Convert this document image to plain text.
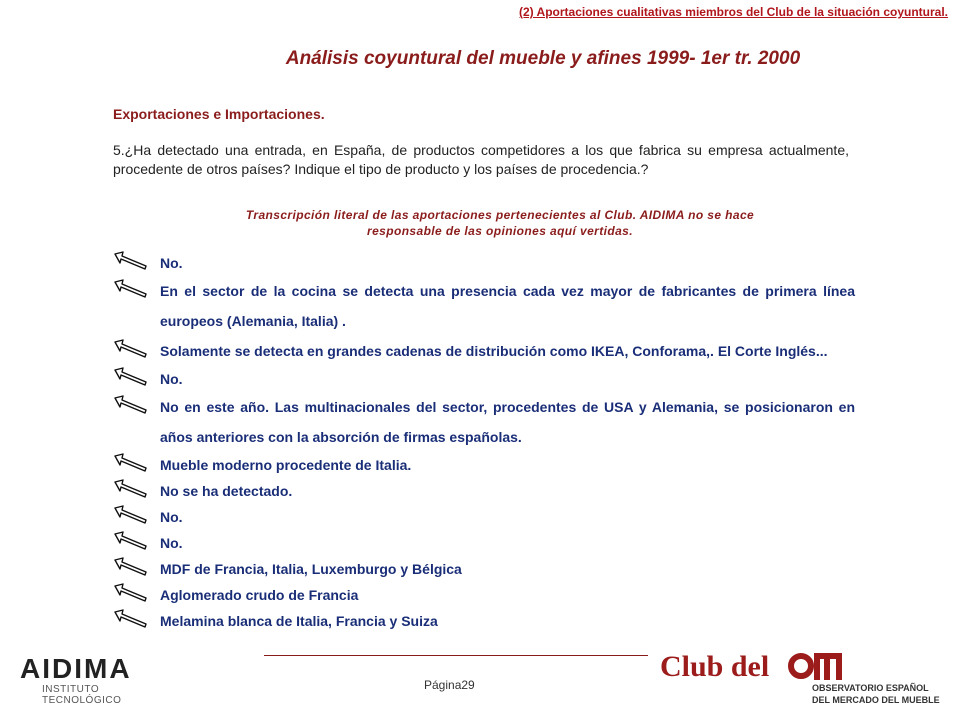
(2) Aportaciones cualitativas miembros del Club de la situación coyuntural.
Análisis coyuntural del mueble y afines 1999- 1er tr. 2000
Exportaciones e Importaciones.
5.¿Ha detectado una entrada, en España, de productos competidores a los que fabrica su empresa actualmente, procedente de otros países? Indique el tipo de producto y los países de procedencia.?
Transcripción literal de las aportaciones pertenecientes al Club. AIDIMA no se hace
responsable de las opiniones aquí vertidas.
No.
En el sector de la cocina se detecta una presencia cada vez mayor de fabricantes de primera línea europeos (Alemania, Italia) .
Solamente se detecta en grandes cadenas de distribución como IKEA, Conforama,. El Corte Inglés...
No.
No en este año. Las multinacionales del sector, procedentes de USA y Alemania, se posicionaron en años anteriores con la absorción de firmas españolas.
Mueble moderno procedente de Italia.
No se ha detectado.
No.
No.
MDF de Francia, Italia, Luxemburgo y Bélgica
Aglomerado crudo de Francia
Melamina blanca de Italia, Francia y Suiza
Página29
AIDIMA
INSTITUTO TECNOLÓGICO
Club del
OBSERVATORIO ESPAÑOL
DEL MERCADO DEL MUEBLE
